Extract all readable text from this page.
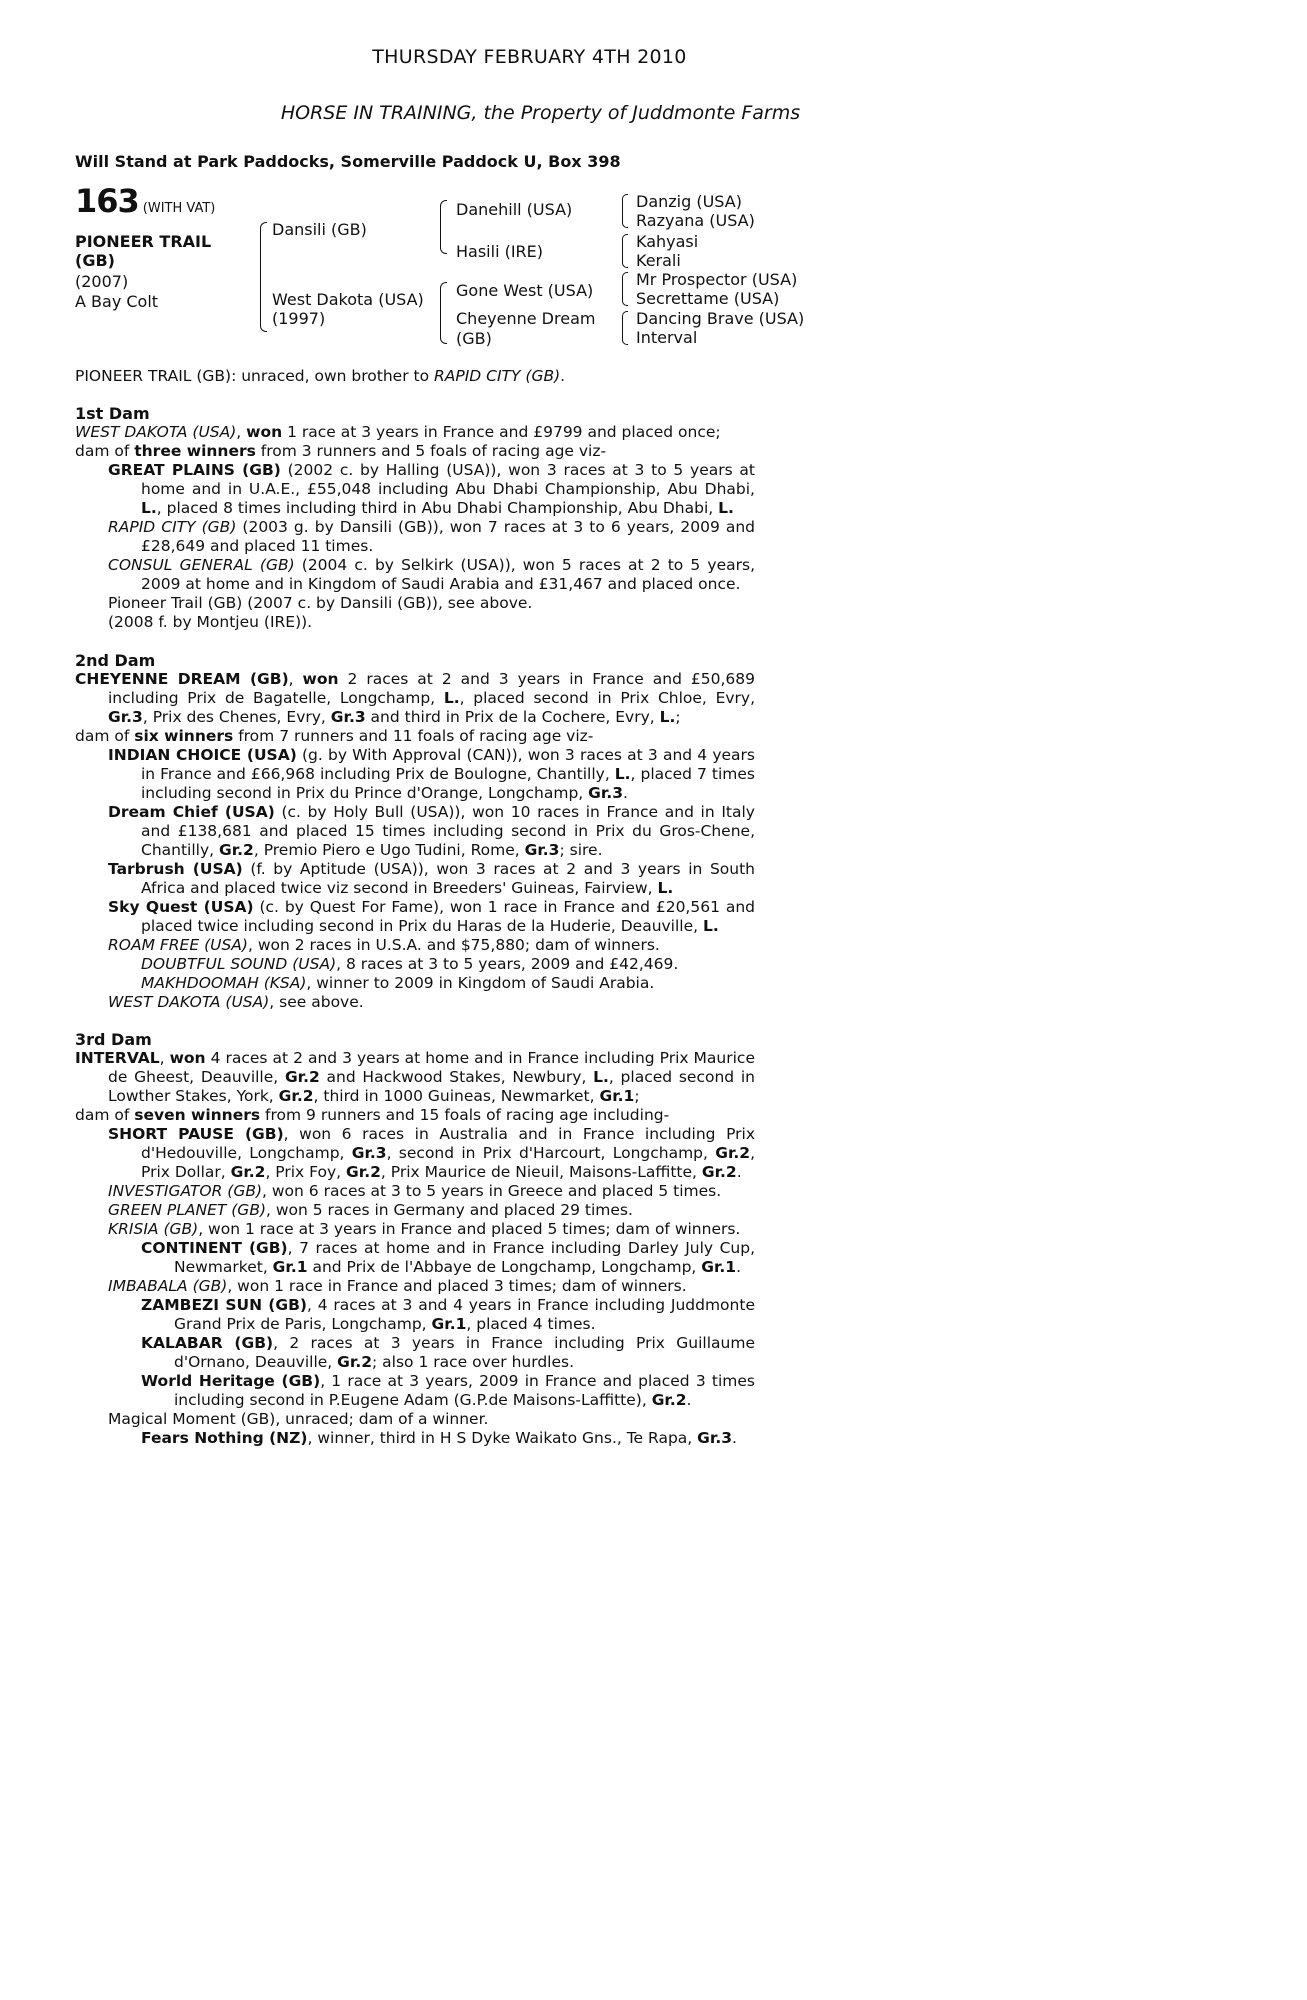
THURSDAY FEBRUARY 4TH 2010
HORSE IN TRAINING, the Property of Juddmonte Farms
Will Stand at Park Paddocks, Somerville Paddock U, Box 398
163 (WITH VAT)
PIONEER TRAIL (GB)
(2007)
A Bay Colt
Dansili (GB)
West Dakota (USA)
(1997)
Danehill (USA)
Hasili (IRE)
Gone West (USA)
Cheyenne Dream
(GB)
Danzig (USA)
Razyana (USA)
Kahyasi
Kerali
Mr Prospector (USA)
Secrettame (USA)
Dancing Brave (USA)
Interval
PIONEER TRAIL (GB): unraced, own brother to RAPID CITY (GB).

1st Dam

WEST DAKOTA (USA), won 1 race at 3 years in France and £9799 and placed once;

dam of three winners from 3 runners and 5 foals of racing age viz-

GREAT PLAINS (GB) (2002 c. by Halling (USA)), won 3 races at 3 to 5 years at home and in U.A.E., £55,048 including Abu Dhabi Championship, Abu Dhabi, L., placed 8 times including third in Abu Dhabi Championship, Abu Dhabi, L.

RAPID CITY (GB) (2003 g. by Dansili (GB)), won 7 races at 3 to 6 years, 2009 and £28,649 and placed 11 times.

CONSUL GENERAL (GB) (2004 c. by Selkirk (USA)), won 5 races at 2 to 5 years, 2009 at home and in Kingdom of Saudi Arabia and £31,467 and placed once.

Pioneer Trail (GB) (2007 c. by Dansili (GB)), see above.

(2008 f. by Montjeu (IRE)).

2nd Dam

CHEYENNE DREAM (GB), won 2 races at 2 and 3 years in France and £50,689 including Prix de Bagatelle, Longchamp, L., placed second in Prix Chloe, Evry, Gr.3, Prix des Chenes, Evry, Gr.3 and third in Prix de la Cochere, Evry, L.;

dam of six winners from 7 runners and 11 foals of racing age viz-

INDIAN CHOICE (USA) (g. by With Approval (CAN)), won 3 races at 3 and 4 years in France and £66,968 including Prix de Boulogne, Chantilly, L., placed 7 times including second in Prix du Prince d'Orange, Longchamp, Gr.3.

Dream Chief (USA) (c. by Holy Bull (USA)), won 10 races in France and in Italy and £138,681 and placed 15 times including second in Prix du Gros-Chene, Chantilly, Gr.2, Premio Piero e Ugo Tudini, Rome, Gr.3; sire.

Tarbrush (USA) (f. by Aptitude (USA)), won 3 races at 2 and 3 years in South Africa and placed twice viz second in Breeders' Guineas, Fairview, L.

Sky Quest (USA) (c. by Quest For Fame), won 1 race in France and £20,561 and placed twice including second in Prix du Haras de la Huderie, Deauville, L.

ROAM FREE (USA), won 2 races in U.S.A. and $75,880; dam of winners.

DOUBTFUL SOUND (USA), 8 races at 3 to 5 years, 2009 and £42,469.

MAKHDOOMAH (KSA), winner to 2009 in Kingdom of Saudi Arabia.

WEST DAKOTA (USA), see above.

3rd Dam

INTERVAL, won 4 races at 2 and 3 years at home and in France including Prix Maurice de Gheest, Deauville, Gr.2 and Hackwood Stakes, Newbury, L., placed second in Lowther Stakes, York, Gr.2, third in 1000 Guineas, Newmarket, Gr.1;

dam of seven winners from 9 runners and 15 foals of racing age including-

SHORT PAUSE (GB), won 6 races in Australia and in France including Prix d'Hedouville, Longchamp, Gr.3, second in Prix d'Harcourt, Longchamp, Gr.2, Prix Dollar, Gr.2, Prix Foy, Gr.2, Prix Maurice de Nieuil, Maisons-Laffitte, Gr.2.

INVESTIGATOR (GB), won 6 races at 3 to 5 years in Greece and placed 5 times.

GREEN PLANET (GB), won 5 races in Germany and placed 29 times.

KRISIA (GB), won 1 race at 3 years in France and placed 5 times; dam of winners.

CONTINENT (GB), 7 races at home and in France including Darley July Cup, Newmarket, Gr.1 and Prix de l'Abbaye de Longchamp, Longchamp, Gr.1.

IMBABALA (GB), won 1 race in France and placed 3 times; dam of winners.

ZAMBEZI SUN (GB), 4 races at 3 and 4 years in France including Juddmonte Grand Prix de Paris, Longchamp, Gr.1, placed 4 times.

KALABAR (GB), 2 races at 3 years in France including Prix Guillaume d'Ornano, Deauville, Gr.2; also 1 race over hurdles.

World Heritage (GB), 1 race at 3 years, 2009 in France and placed 3 times including second in P.Eugene Adam (G.P.de Maisons-Laffitte), Gr.2.

Magical Moment (GB), unraced; dam of a winner.

Fears Nothing (NZ), winner, third in H S Dyke Waikato Gns., Te Rapa, Gr.3.
